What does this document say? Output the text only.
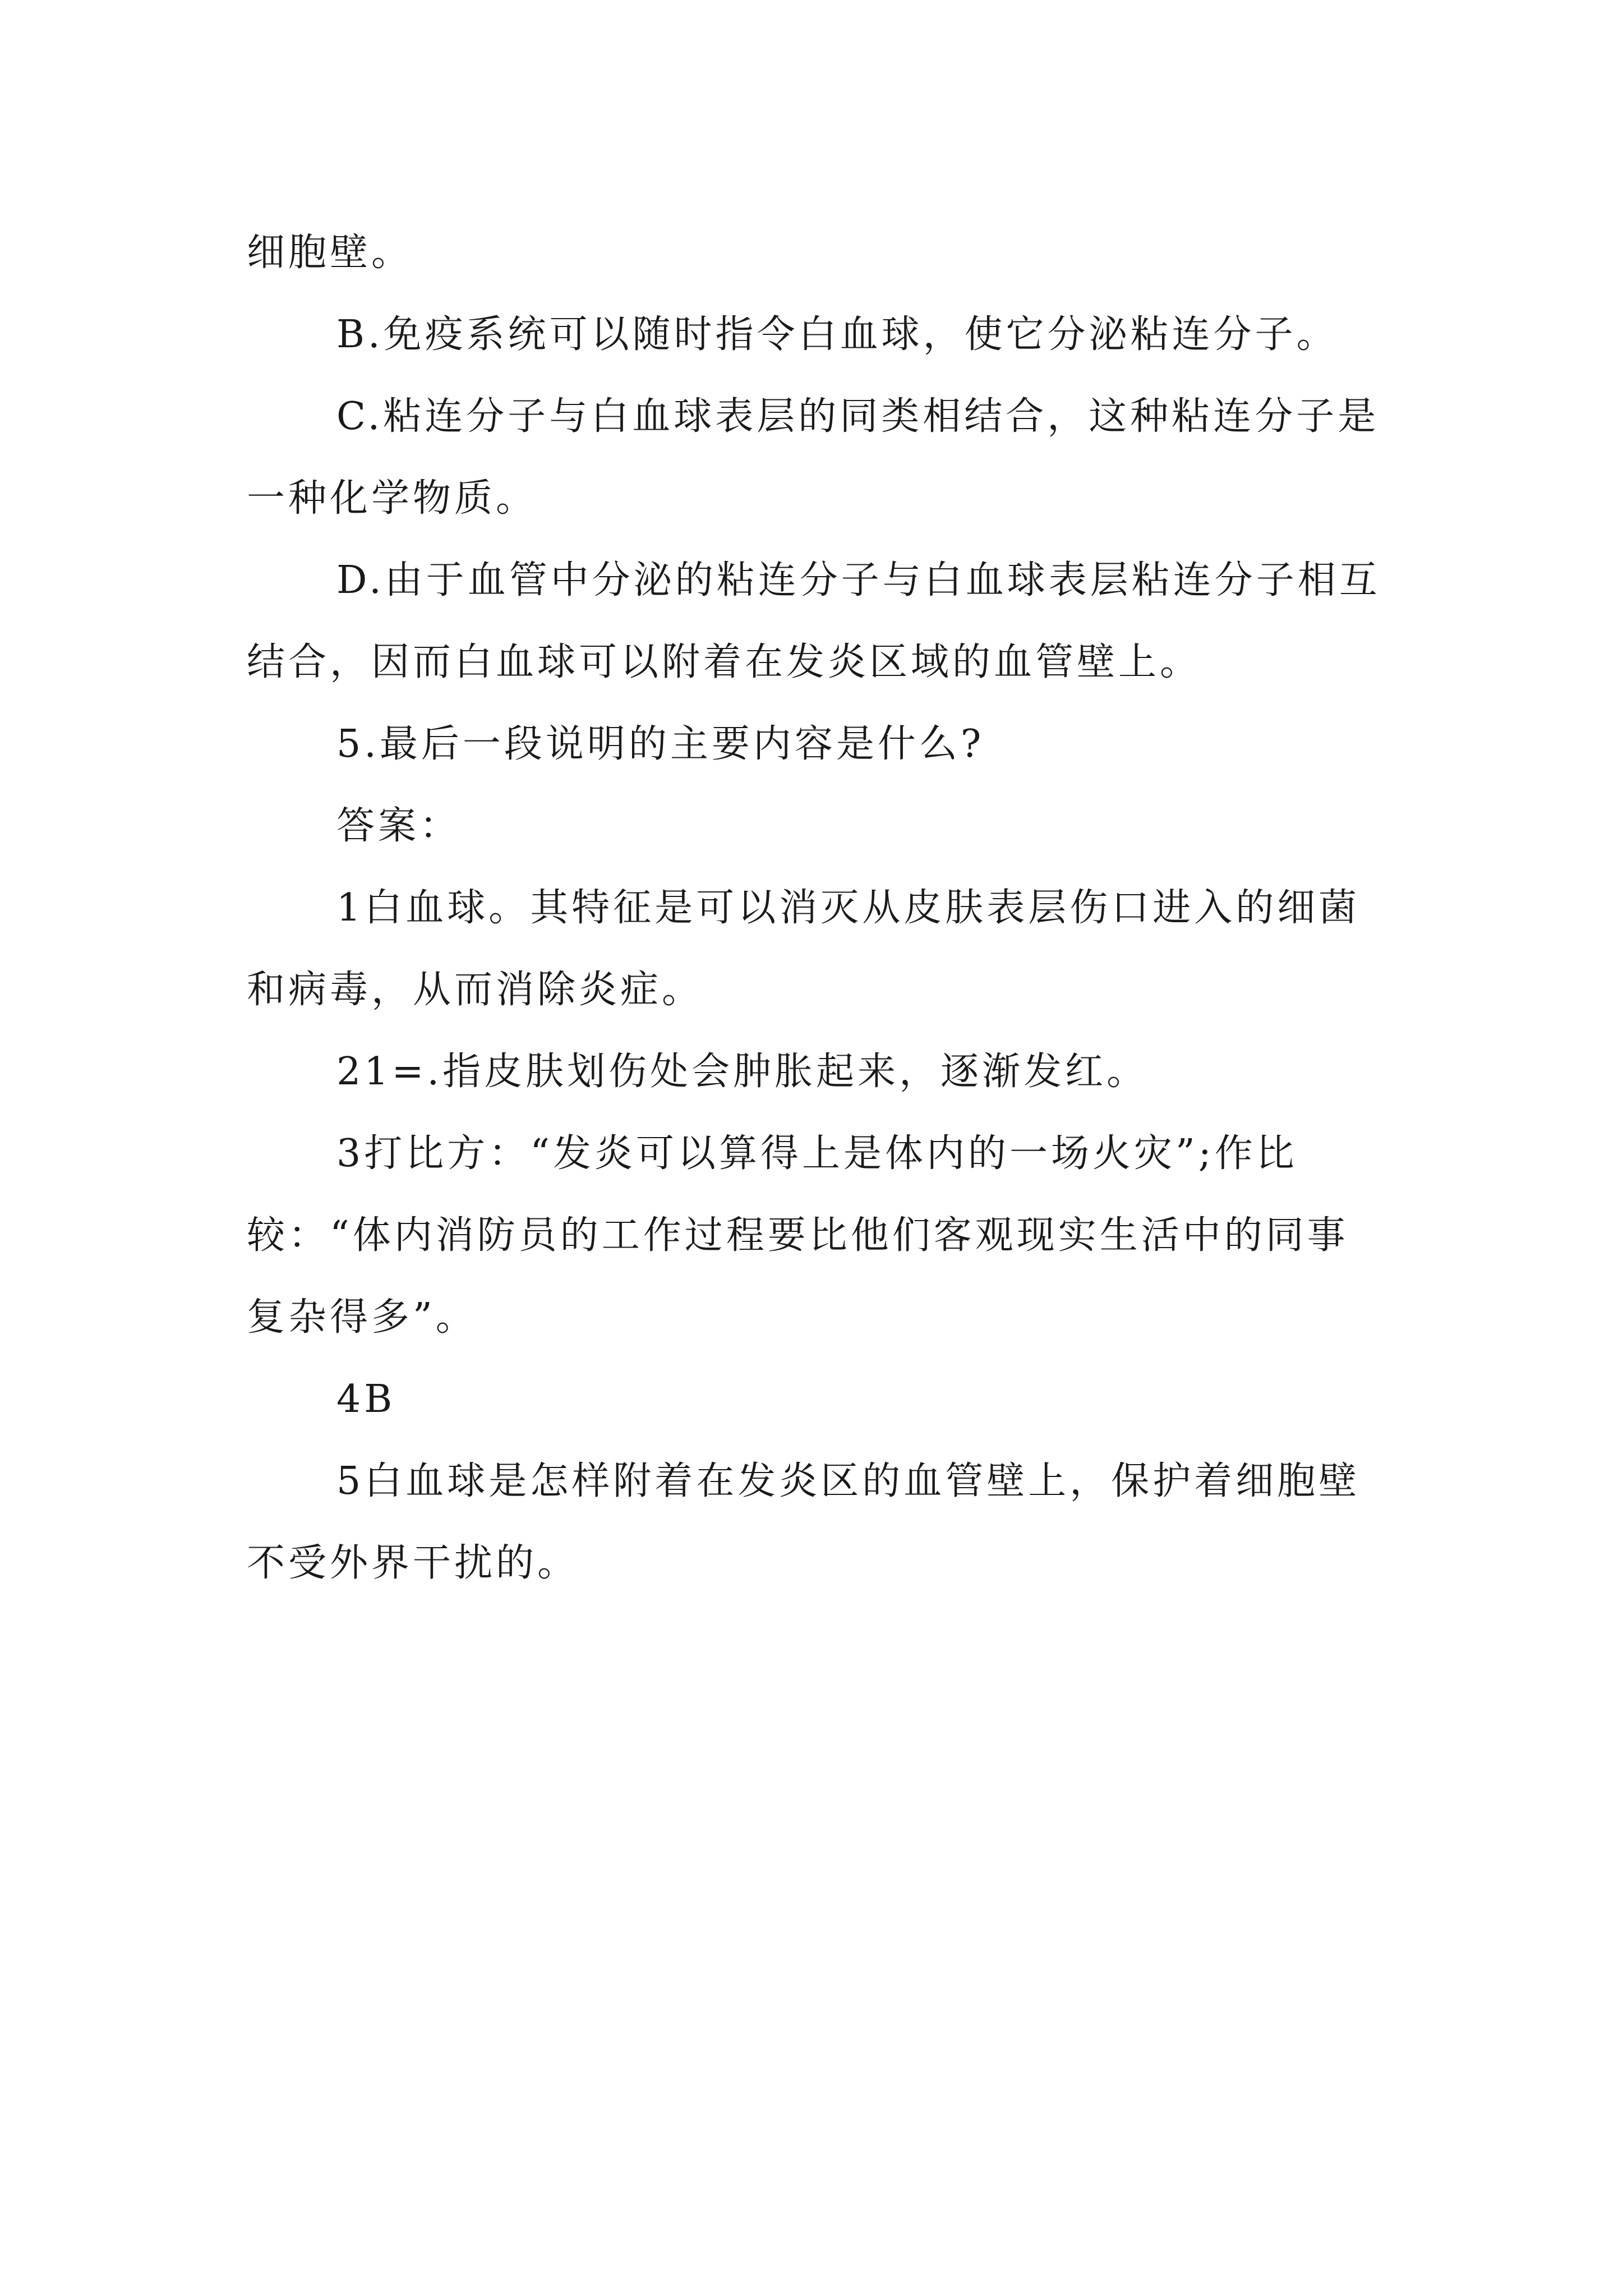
细胞壁。

B.免疫系统可以随时指令白血球，使它分泌粘连分子。

C.粘连分子与白血球表层的同类相结合，这种粘连分子是一种化学物质。

D.由于血管中分泌的粘连分子与白血球表层粘连分子相互结合，因而白血球可以附着在发炎区域的血管壁上。

5.最后一段说明的主要内容是什么?

答案：

1白血球。其特征是可以消灭从皮肤表层伤口进入的细菌和病毒，从而消除炎症。

21=.指皮肤划伤处会肿胀起来，逐渐发红。

3打比方：“发炎可以算得上是体内的一场火灾”;作比较：“体内消防员的工作过程要比他们客观现实生活中的同事复杂得多”。

4B

5白血球是怎样附着在发炎区的血管壁上，保护着细胞壁不受外界干扰的。
